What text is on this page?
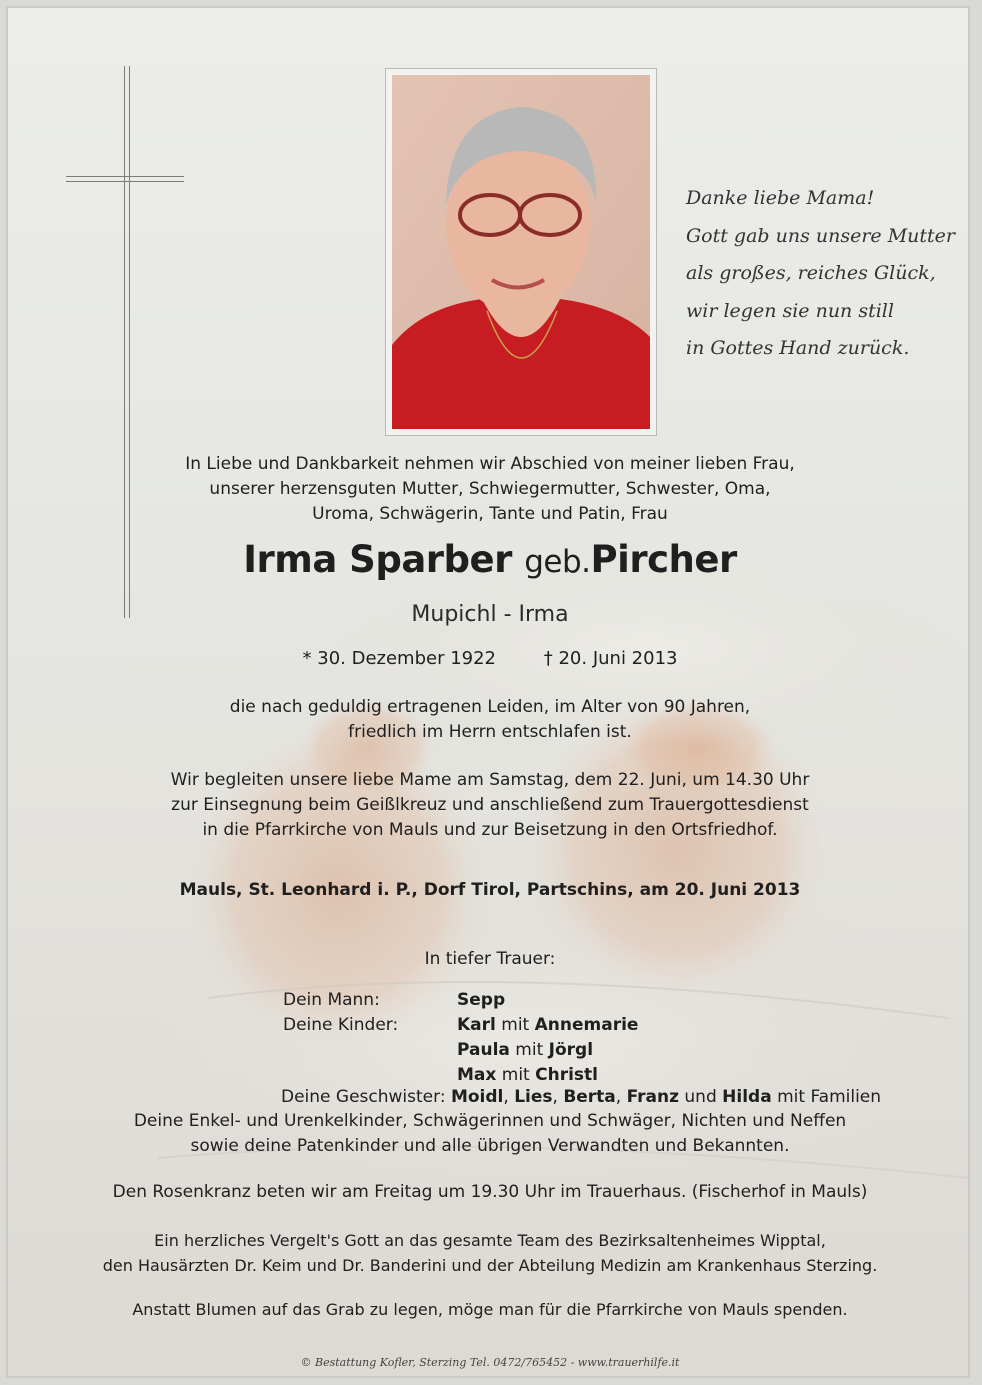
Danke liebe Mama!
Gott gab uns unsere Mutter
als großes, reiches Glück,
wir legen sie nun still
in Gottes Hand zurück.
In Liebe und Dankbarkeit nehmen wir Abschied von meiner lieben Frau,
unserer herzensguten Mutter, Schwiegermutter, Schwester, Oma,
Uroma, Schwägerin, Tante und Patin, Frau
Irma Sparber geb.Pircher
Mupichl - Irma
* 30. Dezember 1922	† 20. Juni 2013
die nach geduldig ertragenen Leiden, im Alter von 90 Jahren,
friedlich im Herrn entschlafen ist.
Wir begleiten unsere liebe Mame am Samstag, dem 22. Juni, um 14.30 Uhr
zur Einsegnung beim Geißlkreuz und anschließend zum Trauergottesdienst
in die Pfarrkirche von Mauls und zur Beisetzung in den Ortsfriedhof.
Mauls, St. Leonhard i. P., Dorf Tirol, Partschins, am 20. Juni 2013
In tiefer Trauer:
Dein Mann:	Sepp
Deine Kinder:	Karl mit Annemarie
Paula mit Jörgl
Max mit Christl
Deine Geschwister: Moidl, Lies, Berta, Franz und Hilda mit Familien
Deine Enkel- und Urenkelkinder, Schwägerinnen und Schwäger, Nichten und Neffen
sowie deine Patenkinder und alle übrigen Verwandten und Bekannten.
Den Rosenkranz beten wir am Freitag um 19.30 Uhr im Trauerhaus. (Fischerhof in Mauls)
Ein herzliches Vergelt's Gott an das gesamte Team des Bezirksaltenheimes Wipptal,
den Hausärzten Dr. Keim und Dr. Banderini und der Abteilung Medizin am Krankenhaus Sterzing.
Anstatt Blumen auf das Grab zu legen, möge man für die Pfarrkirche von Mauls spenden.
© Bestattung Kofler, Sterzing Tel. 0472/765452 - www.trauerhilfe.it
